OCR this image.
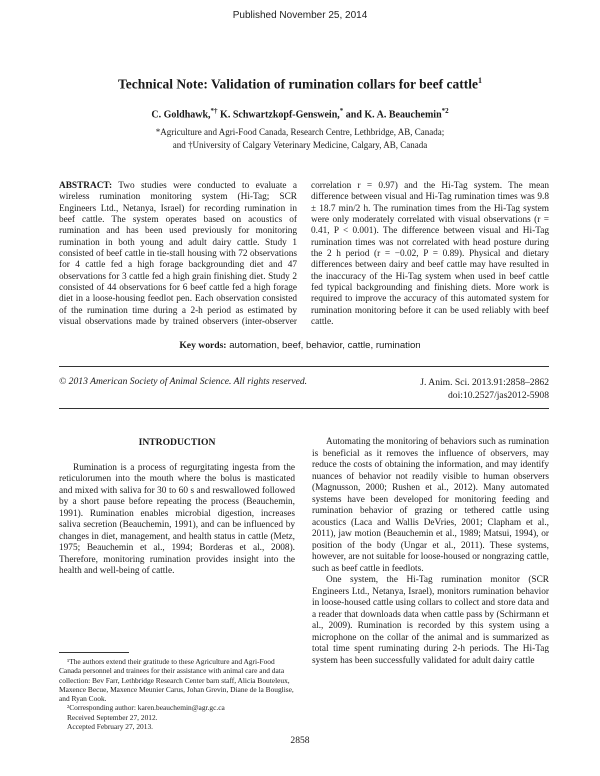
Published November 25, 2014
Technical Note: Validation of rumination collars for beef cattle$^1$
C. Goldhawk,*† K. Schwartzkopf-Genswein,* and K. A. Beauchemin$^{*2}$
*Agriculture and Agri-Food Canada, Research Centre, Lethbridge, AB, Canada;
and †University of Calgary Veterinary Medicine, Calgary, AB, Canada
ABSTRACT: Two studies were conducted to evaluate a wireless rumination monitoring system (Hi-Tag; SCR Engineers Ltd., Netanya, Israel) for recording rumination in beef cattle. The system operates based on acoustics of rumination and has been used previously for monitoring rumination in both young and adult dairy cattle. Study 1 consisted of beef cattle in tie-stall housing with 72 observations for 4 cattle fed a high forage backgrounding diet and 47 observations for 3 cattle fed a high grain finishing diet. Study 2 consisted of 44 observations for 6 beef cattle fed a high forage diet in a loose-housing feedlot pen. Each observation consisted of the rumination time during a 2-h period as estimated by visual observations made by trained observers (inter-observer correlation r = 0.97) and the Hi-Tag system. The mean difference between visual and Hi-Tag rumination times was 9.8 ± 18.7 min/2 h. The rumination times from the Hi-Tag system were only moderately correlated with visual observations (r = 0.41, P < 0.001). The difference between visual and Hi-Tag rumination times was not correlated with head posture during the 2 h period (r = −0.02, P = 0.89). Physical and dietary differences between dairy and beef cattle may have resulted in the inaccuracy of the Hi-Tag system when used in beef cattle fed typical backgrounding and finishing diets. More work is required to improve the accuracy of this automated system for rumination monitoring before it can be used reliably with beef cattle.
Key words: automation, beef, behavior, cattle, rumination
© 2013 American Society of Animal Science. All rights reserved.	J. Anim. Sci. 2013.91:2858–2862
doi:10.2527/jas2012-5908
INTRODUCTION

Rumination is a process of regurgitating ingesta from the reticulorumen into the mouth where the bolus is masticated and mixed with saliva for 30 to 60 s and reswallowed followed by a short pause before repeating the process (Beauchemin, 1991). Rumination enables microbial digestion, increases saliva secretion (Beauchemin, 1991), and can be influenced by changes in diet, management, and health status in cattle (Metz, 1975; Beauchemin et al., 1994; Borderas et al., 2008). Therefore, monitoring rumination provides insight into the health and well-being of cattle.

Automating the monitoring of behaviors such as rumination is beneficial as it removes the influence of observers, may reduce the costs of obtaining the information, and may identify nuances of behavior not readily visible to human observers (Magnusson, 2000; Rushen et al., 2012). Many automated systems have been developed for monitoring feeding and rumination behavior of grazing or tethered cattle using acoustics (Laca and Wallis DeVries, 2001; Clapham et al., 2011), jaw motion (Beauchemin et al., 1989; Matsui, 1994), or position of the body (Ungar et al., 2011). These systems, however, are not suitable for loose-housed or nongrazing cattle, such as beef cattle in feedlots.

One system, the Hi-Tag rumination monitor (SCR Engineers Ltd., Netanya, Israel), monitors rumination behavior in loose-housed cattle using collars to collect and store data and a reader that downloads data when cattle pass by (Schirmann et al., 2009). Rumination is recorded by this system using a microphone on the collar of the animal and is summarized as total time spent ruminating during 2-h periods. The Hi-Tag system has been successfully validated for adult dairy cattle

¹The authors extend their gratitude to these Agriculture and Agri-Food Canada personnel and trainees for their assistance with animal care and data collection: Bev Farr, Lethbridge Research Center barn staff, Alicia Bouteleux, Maxence Becue, Maxence Meunier Carus, Johan Grevin, Diane de la Bouglise, and Ryan Cook.

²Corresponding author: karen.beauchemin@agr.gc.ca

Received September 27, 2012.
Accepted February 27, 2013.
2858
